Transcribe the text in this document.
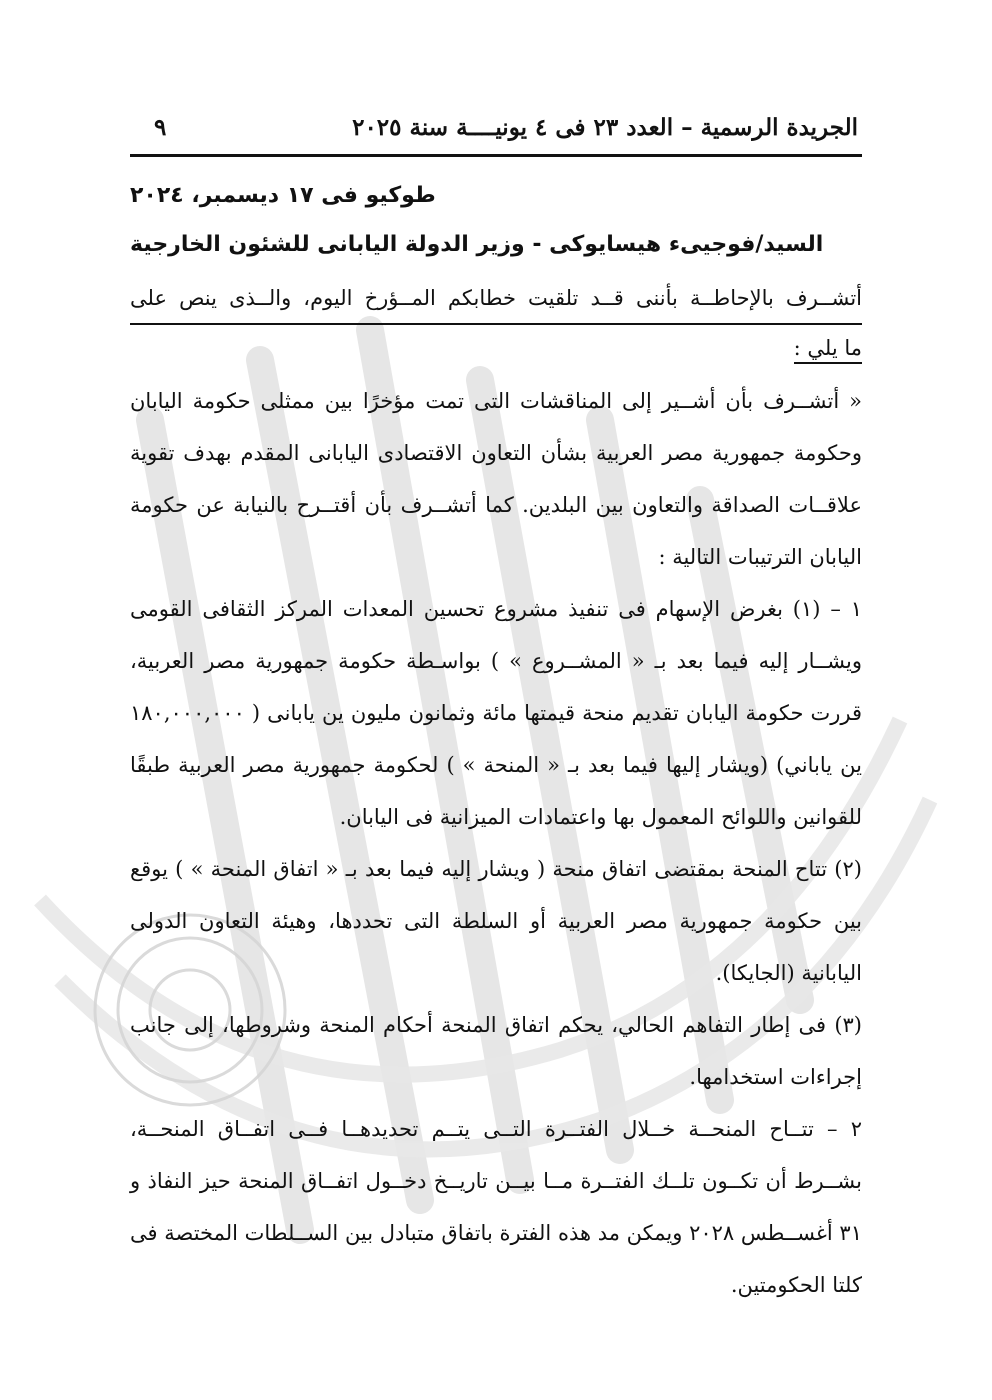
الجريدة الرسمية – العدد ٢٣ فى ٤ يونيــــة سنة ٢٠٢٥
٩
طوكيو فى ١٧ ديسمبر، ٢٠٢٤
السيد/فوجيىء هيسايوكى - وزير الدولة اليابانى للشئون الخارجية
أتشــرف بالإحاطــة بأننى قــد تلقيت خطابكم المــؤرخ اليوم، والــذى ينص على
ما يلي :
« أتشــرف بأن أشــير إلى المناقشات التى تمت مؤخرًا بين ممثلى حكومة اليابان وحكومة جمهورية مصر العربية بشأن التعاون الاقتصادى اليابانى المقدم بهدف تقوية علاقــات الصداقة والتعاون بين البلدين. كما أتشــرف بأن أقتــرح بالنيابة عن حكومة اليابان الترتيبات التالية :
١ – (١) بغرض الإسهام فى تنفيذ مشروع تحسين المعدات المركز الثقافى القومى ويشــار إليه فيما بعد بـ « المشــروع » ) بواسـطة حكومة جمهورية مصر العربية، قررت حكومة اليابان تقديم منحة قيمتها مائة وثمانون مليون ين يابانى ( ١٨٠,٠٠٠,٠٠٠ ين ياباني) (ويشار إليها فيما بعد بـ « المنحة » ) لحكومة جمهورية مصر العربية طبقًا للقوانين واللوائح المعمول بها واعتمادات الميزانية فى اليابان.
(٢) تتاح المنحة بمقتضى اتفاق منحة ( ويشار إليه فيما بعد بـ « اتفاق المنحة » ) يوقع بين حكومة جمهورية مصر العربية أو السلطة التى تحددها، وهيئة التعاون الدولى اليابانية (الجايكا).
(٣) فى إطار التفاهم الحالي، يحكم اتفاق المنحة أحكام المنحة وشروطها، إلى جانب إجراءات استخدامها.
٢ – تتــاح المنحــة خــلال الفتــرة التــى يتــم تحديدهــا فــى اتفــاق المنحــة، بشــرط أن تكــون تلــك الفتــرة مــا بيــن تاريــخ دخــول اتفــاق المنحة حيز النفاذ و ٣١ أغســطس ٢٠٢٨ ويمكن مد هذه الفترة باتفاق متبادل بين الســلطات المختصة فى كلتا الحكومتين.
